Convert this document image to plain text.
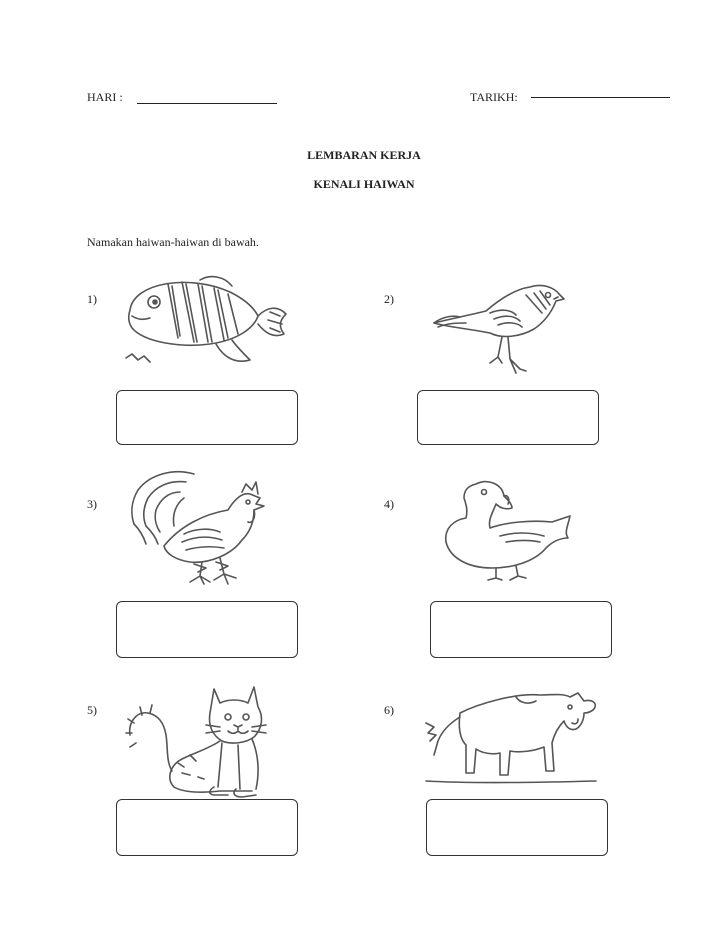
HARI :	TARIKH:
LEMBARAN KERJA
KENALI HAIWAN
Namakan haiwan-haiwan di bawah.
1)	2)
3)	4)
5)	6)
